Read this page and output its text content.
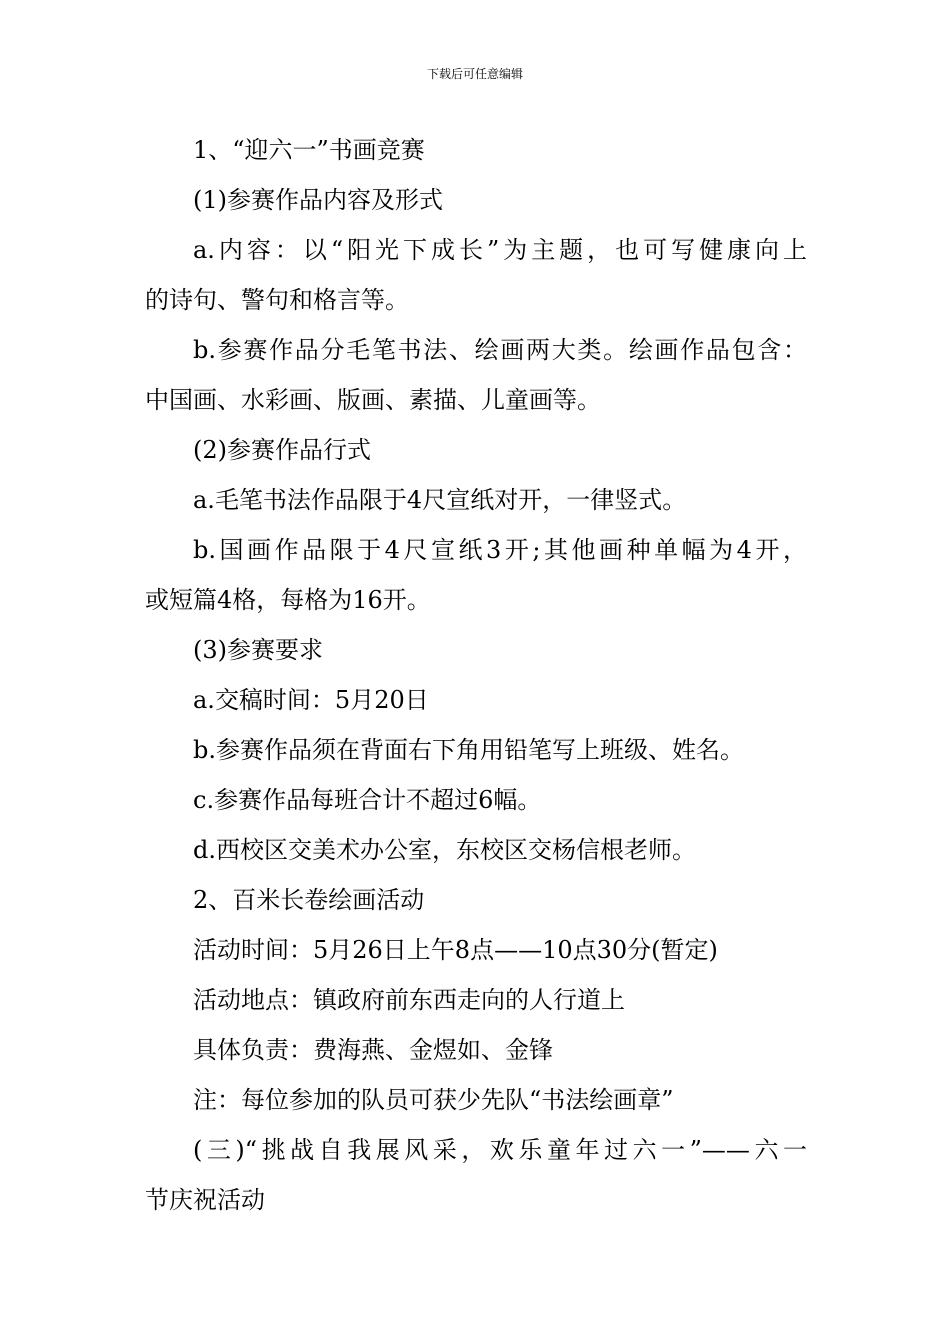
下载后可任意编辑
1、“迎六一”书画竞赛
(1)参赛作品内容及形式
a.内容：以“阳光下成长”为主题，也可写健康向上
的诗句、警句和格言等。
b.参赛作品分毛笔书法、绘画两大类。绘画作品包含：
中国画、水彩画、版画、素描、儿童画等。
(2)参赛作品行式
a.毛笔书法作品限于4尺宣纸对开，一律竖式。
b.国画作品限于4尺宣纸3开;其他画种单幅为4开，
或短篇4格，每格为16开。
(3)参赛要求
a.交稿时间：5月20日
b.参赛作品须在背面右下角用铅笔写上班级、姓名。
c.参赛作品每班合计不超过6幅。
d.西校区交美术办公室，东校区交杨信根老师。
2、百米长卷绘画活动
活动时间：5月26日上午8点——10点30分(暂定)
活动地点：镇政府前东西走向的人行道上
具体负责：费海燕、金煜如、金锋
注：每位参加的队员可获少先队“书法绘画章”
(三)“挑战自我展风采，欢乐童年过六一”——六一
节庆祝活动
